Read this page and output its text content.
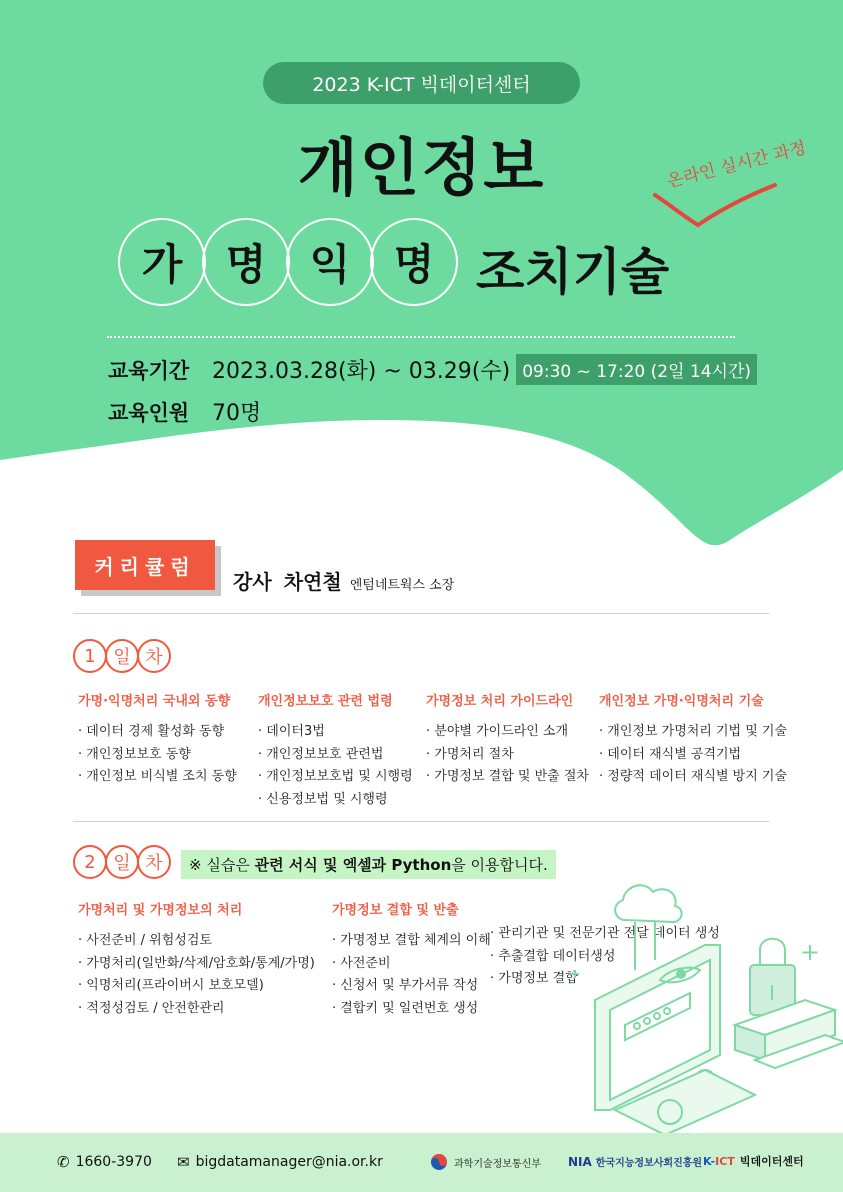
2023 K-ICT 빅데이터센터
개인정보	온라인 실시간 과정
가	명	익	명 조치기술
교육기간	2023.03.28(화) ~ 03.29(수) 09:30 ~ 17:20 (2일 14시간)
교육인원	70명
커리큘럼
강사 차연철 엔텀네트웍스 소장
1 일 차
가명·익명처리 국내외 동향
· 데이터 경제 활성화 동향
· 개인정보보호 동향
· 개인정보 비식별 조치 동향
개인정보보호 관련 법령
· 데이터3법
· 개인정보보호 관련법
· 개인정보보호법 및 시행령
· 신용정보법 및 시행령
가명정보 처리 가이드라인
· 분야별 가이드라인 소개
· 가명처리 절차
· 가명정보 결합 및 반출 절차
개인정보 가명·익명처리 기술
· 개인정보 가명처리 기법 및 기술
· 데이터 재식별 공격기법
· 정량적 데이터 재식별 방지 기술
2 일 차	※ 실습은 관련 서식 및 엑셀과 Python을 이용합니다.
가명처리 및 가명정보의 처리
· 사전준비 / 위험성검토
· 가명처리(일반화/삭제/암호화/통계/가명)
· 익명처리(프라이버시 보호모델)
· 적정성검토 / 안전한관리
가명정보 결합 및 반출
· 가명정보 결합 체계의 이해
· 사전준비
· 신청서 및 부가서류 작성
· 결합키 및 일련번호 생성
· 관리기관 및 전문기관 전달 데이터 생성
· 추출결합 데이터생성
· 가명정보 결합
✆ 1660-3970 ✉ bigdatamanager@nia.or.kr	과학기술정보통신부 NIA 한국지능정보사회진흥원 K- ICT 빅데이터센터
